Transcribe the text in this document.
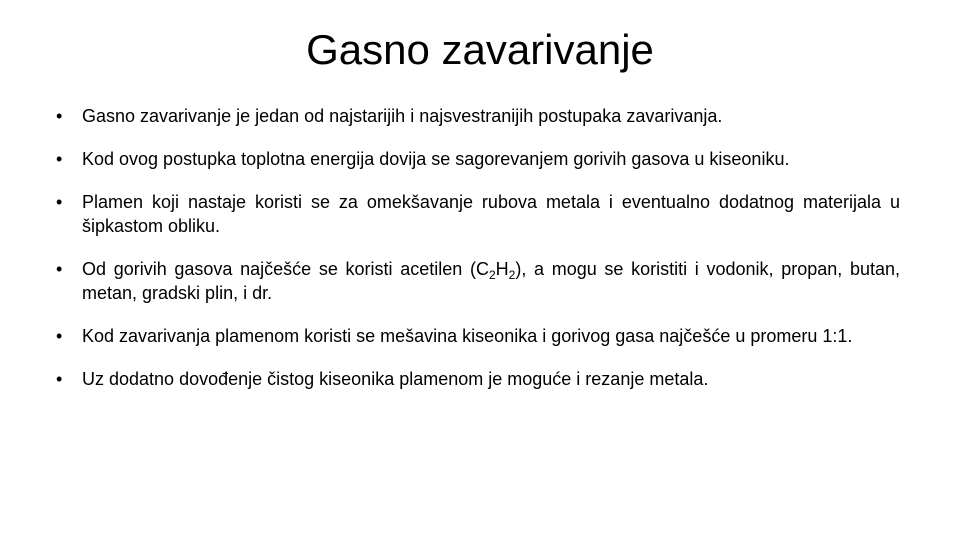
Gasno zavarivanje
• Gasno zavarivanje je jedan od najstarijih i najsvestranijih postupaka zavarivanja.
• Kod ovog postupka toplotna energija dovija se sagorevanjem gorivih gasova u kiseoniku.
• Plamen koji nastaje koristi se za omekšavanje rubova metala i eventualno dodatnog materijala u šipkastom obliku.
• Od gorivih gasova najčešće se koristi acetilen $(C_2H_2)$, a mogu se koristiti i vodonik, propan, butan, metan, gradski plin, i dr.
• Kod zavarivanja plamenom koristi se mešavina kiseonika i gorivog gasa najčešće u promeru 1:1.
• Uz dodatno dovođenje čistog kiseonika plamenom je moguće i rezanje metala.
